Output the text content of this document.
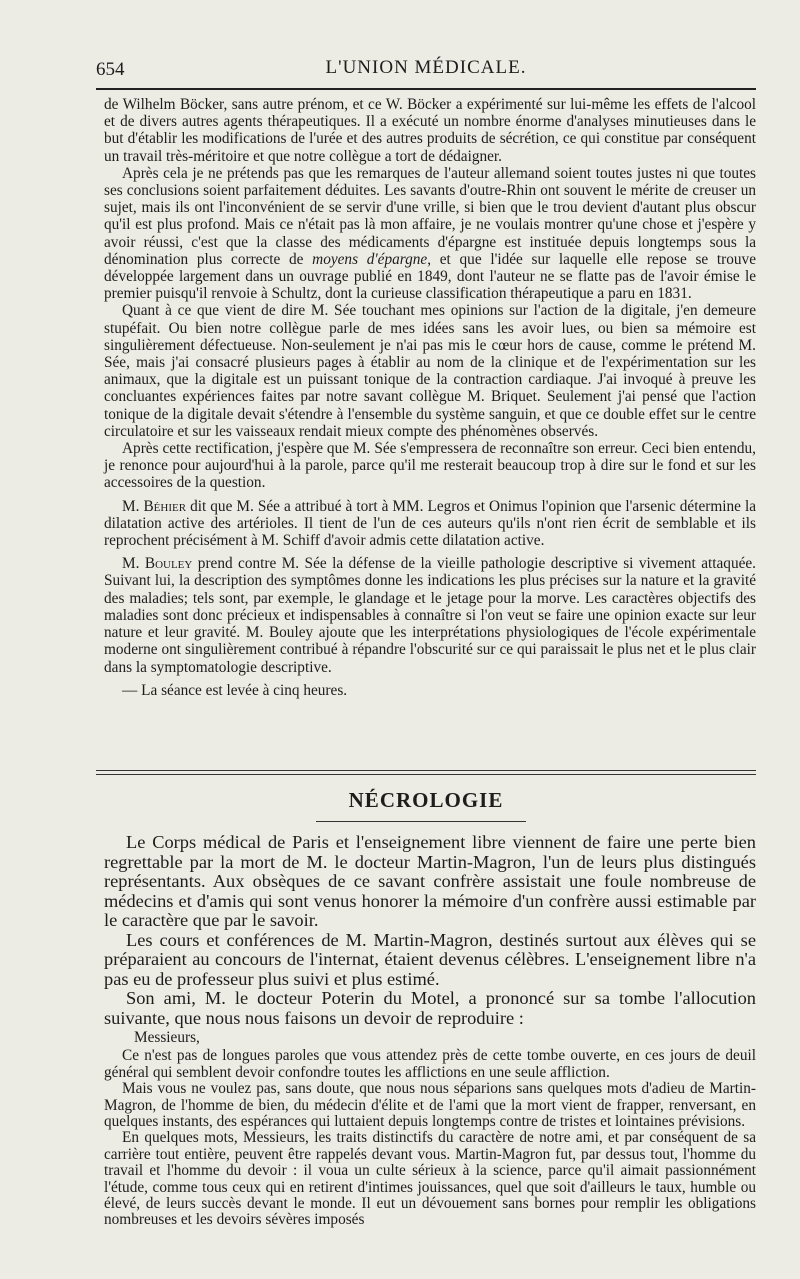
654	L'UNION MÉDICALE.

de Wilhelm Böcker, sans autre prénom, et ce W. Böcker a expérimenté sur lui-même les effets de l'alcool et de divers autres agents thérapeutiques. Il a exécuté un nombre énorme d'analyses minutieuses dans le but d'établir les modifications de l'urée et des autres produits de sécrétion, ce qui constitue par conséquent un travail très-méritoire et que notre collègue a tort de dédaigner.

Après cela je ne prétends pas que les remarques de l'auteur allemand soient toutes justes ni que toutes ses conclusions soient parfaitement déduites. Les savants d'outre-Rhin ont souvent le mérite de creuser un sujet, mais ils ont l'inconvénient de se servir d'une vrille, si bien que le trou devient d'autant plus obscur qu'il est plus profond. Mais ce n'était pas là mon affaire, je ne voulais montrer qu'une chose et j'espère y avoir réussi, c'est que la classe des médicaments d'épargne est instituée depuis longtemps sous la dénomination plus correcte de moyens d'épargne, et que l'idée sur laquelle elle repose se trouve développée largement dans un ouvrage publié en 1849, dont l'auteur ne se flatte pas de l'avoir émise le premier puisqu'il renvoie à Schultz, dont la curieuse classification thérapeutique a paru en 1831.

Quant à ce que vient de dire M. Sée touchant mes opinions sur l'action de la digitale, j'en demeure stupéfait. Ou bien notre collègue parle de mes idées sans les avoir lues, ou bien sa mémoire est singulièrement défectueuse. Non-seulement je n'ai pas mis le cœur hors de cause, comme le prétend M. Sée, mais j'ai consacré plusieurs pages à établir au nom de la clinique et de l'expérimentation sur les animaux, que la digitale est un puissant tonique de la contraction cardiaque. J'ai invoqué à preuve les concluantes expériences faites par notre savant collègue M. Briquet. Seulement j'ai pensé que l'action tonique de la digitale devait s'étendre à l'ensemble du système sanguin, et que ce double effet sur le centre circulatoire et sur les vaisseaux rendait mieux compte des phénomènes observés.

Après cette rectification, j'espère que M. Sée s'empressera de reconnaître son erreur. Ceci bien entendu, je renonce pour aujourd'hui à la parole, parce qu'il me resterait beaucoup trop à dire sur le fond et sur les accessoires de la question.

M. Béhier dit que M. Sée a attribué à tort à MM. Legros et Onimus l'opinion que l'arsenic détermine la dilatation active des artérioles. Il tient de l'un de ces auteurs qu'ils n'ont rien écrit de semblable et ils reprochent précisément à M. Schiff d'avoir admis cette dilatation active.

M. Bouley prend contre M. Sée la défense de la vieille pathologie descriptive si vivement attaquée. Suivant lui, la description des symptômes donne les indications les plus précises sur la nature et la gravité des maladies; tels sont, par exemple, le glandage et le jetage pour la morve. Les caractères objectifs des maladies sont donc précieux et indispensables à connaître si l'on veut se faire une opinion exacte sur leur nature et leur gravité. M. Bouley ajoute que les interprétations physiologiques de l'école expérimentale moderne ont singulièrement contribué à répandre l'obscurité sur ce qui paraissait le plus net et le plus clair dans la symptomatologie descriptive.

— La séance est levée à cinq heures.

NÉCROLOGIE

Le Corps médical de Paris et l'enseignement libre viennent de faire une perte bien regrettable par la mort de M. le docteur Martin-Magron, l'un de leurs plus distingués représentants. Aux obsèques de ce savant confrère assistait une foule nombreuse de médecins et d'amis qui sont venus honorer la mémoire d'un confrère aussi estimable par le caractère que par le savoir.

Les cours et conférences de M. Martin-Magron, destinés surtout aux élèves qui se préparaient au concours de l'internat, étaient devenus célèbres. L'enseignement libre n'a pas eu de professeur plus suivi et plus estimé.

Son ami, M. le docteur Poterin du Motel, a prononcé sur sa tombe l'allocution suivante, que nous nous faisons un devoir de reproduire :

Messieurs,

Ce n'est pas de longues paroles que vous attendez près de cette tombe ouverte, en ces jours de deuil général qui semblent devoir confondre toutes les afflictions en une seule affliction.

Mais vous ne voulez pas, sans doute, que nous nous séparions sans quelques mots d'adieu de Martin-Magron, de l'homme de bien, du médecin d'élite et de l'ami que la mort vient de frapper, renversant, en quelques instants, des espérances qui luttaient depuis longtemps contre de tristes et lointaines prévisions.

En quelques mots, Messieurs, les traits distinctifs du caractère de notre ami, et par conséquent de sa carrière tout entière, peuvent être rappelés devant vous. Martin-Magron fut, par dessus tout, l'homme du travail et l'homme du devoir : il voua un culte sérieux à la science, parce qu'il aimait passionnément l'étude, comme tous ceux qui en retirent d'intimes jouissances, quel que soit d'ailleurs le taux, humble ou élevé, de leurs succès devant le monde. Il eut un dévouement sans bornes pour remplir les obligations nombreuses et les devoirs sévères imposés
